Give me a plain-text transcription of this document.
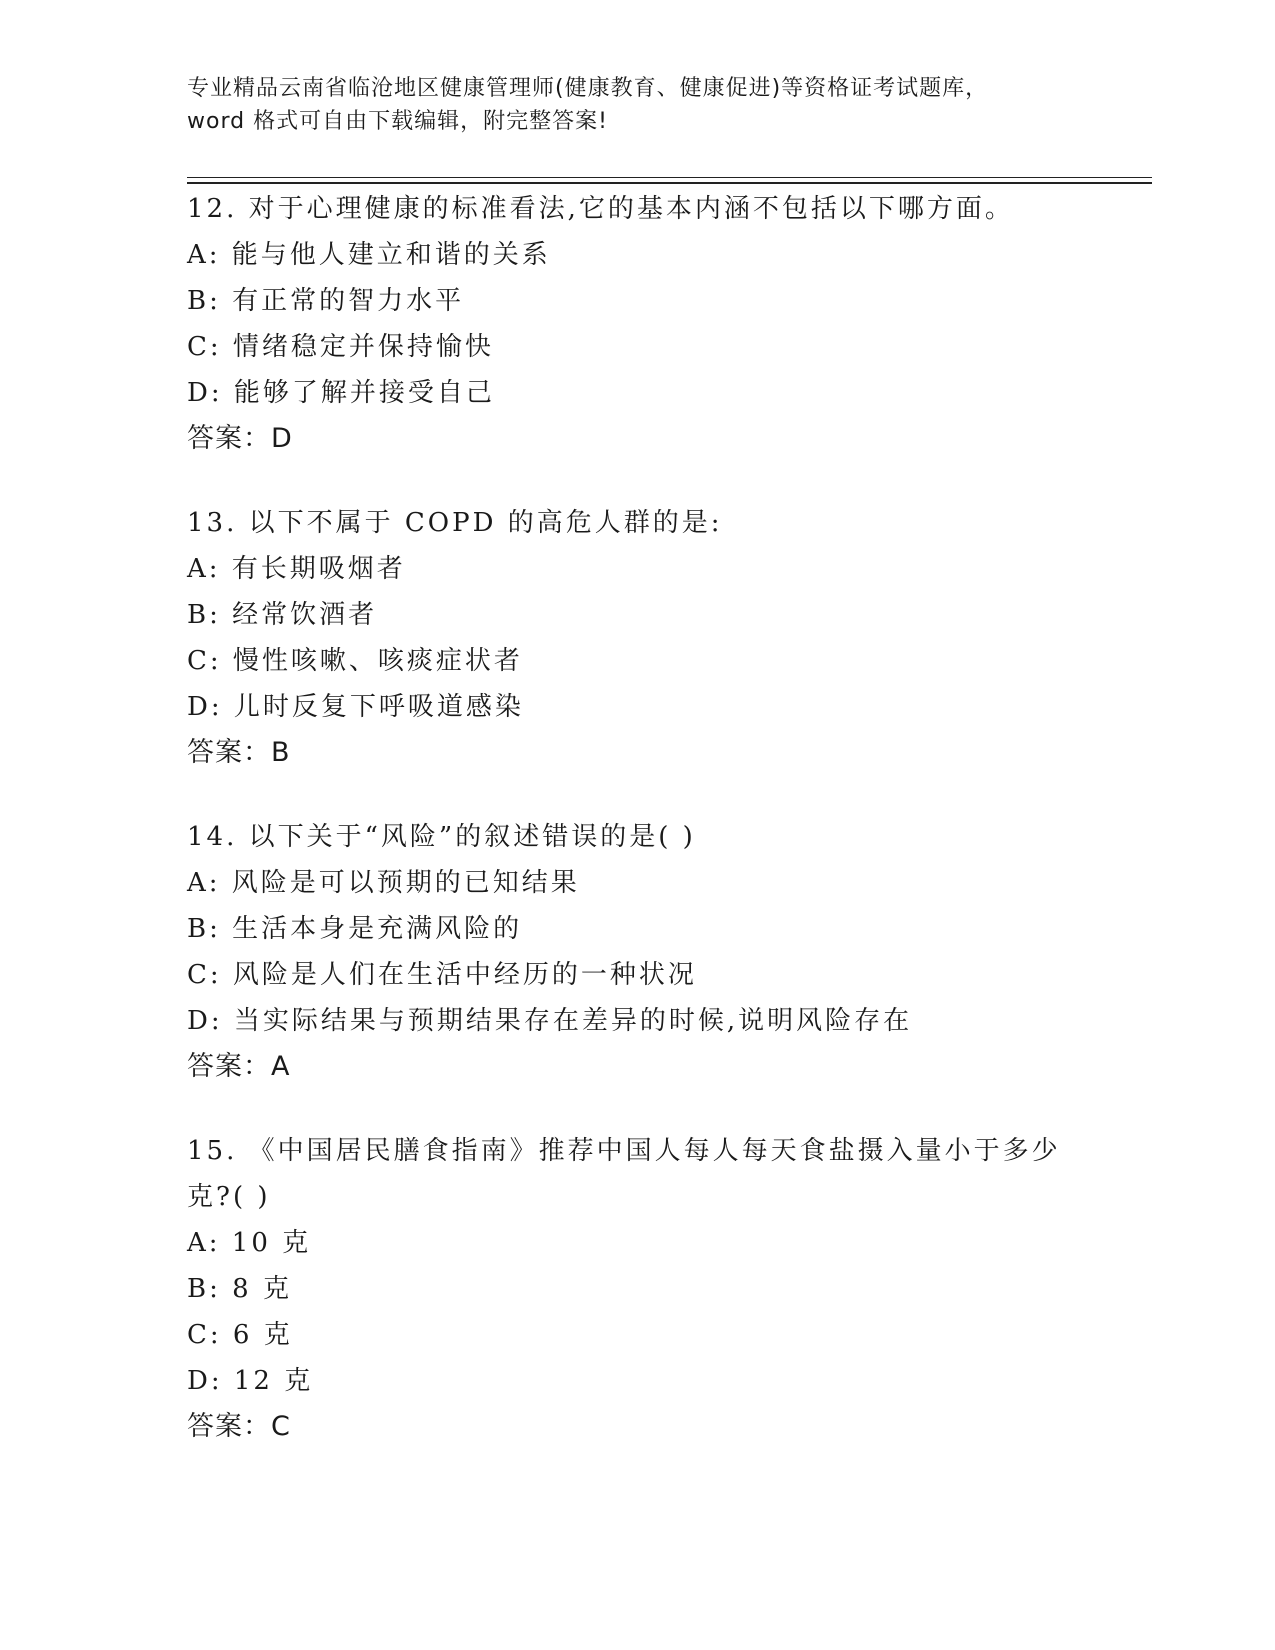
专业精品云南省临沧地区健康管理师(健康教育、健康促进)等资格证考试题库，
word 格式可自由下载编辑，附完整答案!
12. 对于心理健康的标准看法,它的基本内涵不包括以下哪方面。
A: 能与他人建立和谐的关系
B: 有正常的智力水平
C: 情绪稳定并保持愉快
D: 能够了解并接受自己
答案：D
13. 以下不属于 COPD 的高危人群的是:
A: 有长期吸烟者
B: 经常饮酒者
C: 慢性咳嗽、咳痰症状者
D: 儿时反复下呼吸道感染
答案：B
14. 以下关于“风险”的叙述错误的是( )
A: 风险是可以预期的已知结果
B: 生活本身是充满风险的
C: 风险是人们在生活中经历的一种状况
D: 当实际结果与预期结果存在差异的时候,说明风险存在
答案：A
15. 《中国居民膳食指南》推荐中国人每人每天食盐摄入量小于多少
克?( )
A: 10 克
B: 8 克
C: 6 克
D: 12 克
答案：C
